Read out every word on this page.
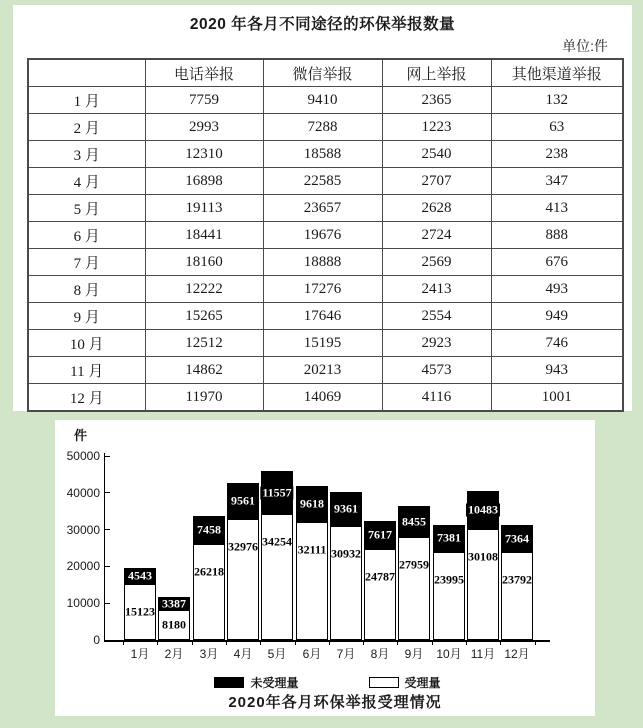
2020 年各月不同途径的环保举报数量
单位:件
	电话举报	微信举报	网上举报	其他渠道举报
1 月	7759	9410	2365	132
2 月	2993	7288	1223	63
3 月	12310	18588	2540	238
4 月	16898	22585	2707	347
5 月	19113	23657	2628	413
6 月	18441	19676	2724	888
7 月	18160	18888	2569	676
8 月	12222	17276	2413	493
9 月	15265	17646	2554	949
10 月	12512	15195	2923	746
11 月	14862	20213	4573	943
12 月	11970	14069	4116	1001
件
0
10000
20000
30000
40000
50000
4543
15123
1月
3387
8180
2月
7458
26218
3月
9561
32976
4月
11557
34254
5月
9618
32111
6月
9361
30932
7月
7617
24787
8月
8455
27959
9月
7381
23995
10月
10483
30108
11月
7364
23792
12月
未受理量	受理量
2020年各月环保举报受理情况
